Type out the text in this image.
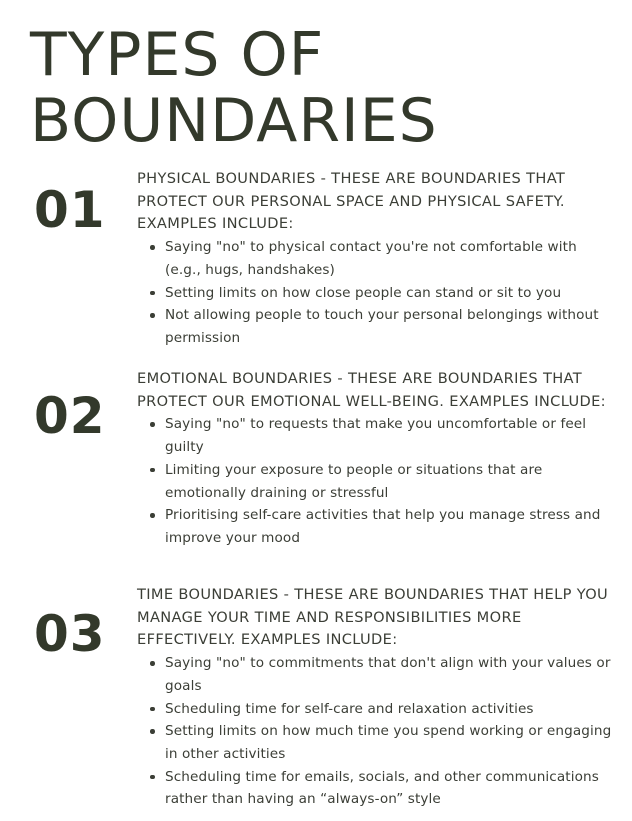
TYPES OF
BOUNDARIES
01

PHYSICAL BOUNDARIES - THESE ARE BOUNDARIES THAT PROTECT OUR PERSONAL SPACE AND PHYSICAL SAFETY. EXAMPLES INCLUDE:

Saying "no" to physical contact you're not comfortable with (e.g., hugs, handshakes)
Setting limits on how close people can stand or sit to you
Not allowing people to touch your personal belongings without permission
02

EMOTIONAL BOUNDARIES - THESE ARE BOUNDARIES THAT PROTECT OUR EMOTIONAL WELL-BEING. EXAMPLES INCLUDE:

Saying "no" to requests that make you uncomfortable or feel guilty
Limiting your exposure to people or situations that are emotionally draining or stressful
Prioritising self-care activities that help you manage stress and improve your mood
03

TIME BOUNDARIES - THESE ARE BOUNDARIES THAT HELP YOU MANAGE YOUR TIME AND RESPONSIBILITIES MORE EFFECTIVELY. EXAMPLES INCLUDE:

Saying "no" to commitments that don't align with your values or goals
Scheduling time for self-care and relaxation activities
Setting limits on how much time you spend working or engaging in other activities
Scheduling time for emails, socials, and other communications rather than having an “always-on” style
